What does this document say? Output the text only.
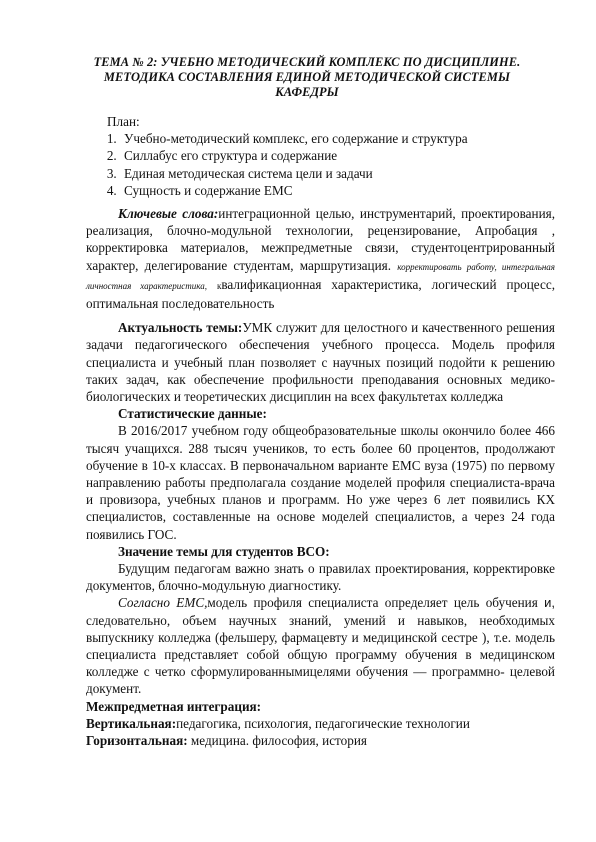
ТЕМА № 2: УЧЕБНО МЕТОДИЧЕСКИЙ КОМПЛЕКС ПО ДИСЦИПЛИНЕ.
МЕТОДИКА СОСТАВЛЕНИЯ ЕДИНОЙ МЕТОДИЧЕСКОЙ СИСТЕМЫ КАФЕДРЫ
План:
1. Учебно-методический комплекс, его содержание и структура
2. Силлабус его структура и содержание
3. Единая методическая система цели и задачи
4. Сущность и содержание ЕМС

Ключевые слова:интеграционной целью, инструментарий, проектирования, реализация, блочно-модульной технологии, рецензирование, Апробация , корректировка материалов, межпредметные связи, студентоцентрированный характер, делегирование студентам, маршрутизация. корректировать работу, интегральная личностная характеристика, квалификационная характеристика, логический процесс, оптимальная последовательность

Актуальность темы:УМК служит для целостного и качественного решения задачи педагогического обеспечения учебного процесса. Модель профиля специалиста и учебный план позволяет с научных позиций подойти к решению таких задач, как обеспечение профильности преподавания основных медико-биологических и теоретических дисциплин на всех факультетах колледжа

Статистические данные:

В 2016/2017 учебном году общеобразовательные школы окончило более 466 тысяч учащихся. 288 тысяч учеников, то есть более 60 процентов, продолжают обучение в 10-х классах. В первоначальном варианте ЕМС вуза (1975) по первому направлению работы предполагала создание моделей профиля специалиста-врача и провизора, учебных планов и программ. Но уже через 6 лет появились КХ специалистов, составленные на основе моделей специалистов, а через 24 года появились ГОС.

Значение темы для студентов ВСО:

Будущим педагогам важно знать о правилах проектирования, корректировке документов, блочно-модульную диагностику.

Согласно ЕМС,модель профиля специалиста определяет цель обучения и, следовательно, объем научных знаний, умений и навыков, необходимых выпускнику колледжа (фельшеру, фармацевту и медицинской сестре ), т.е. модель специалиста представляет собой общую программу обучения в медицинском колледже с четко сформулированнымицелями обучения — программно- целевой документ.

Межпредметная интеграция:

Вертикальная:педагогика, психология, педагогические технологии

Горизонтальная: медицина. философия, история
